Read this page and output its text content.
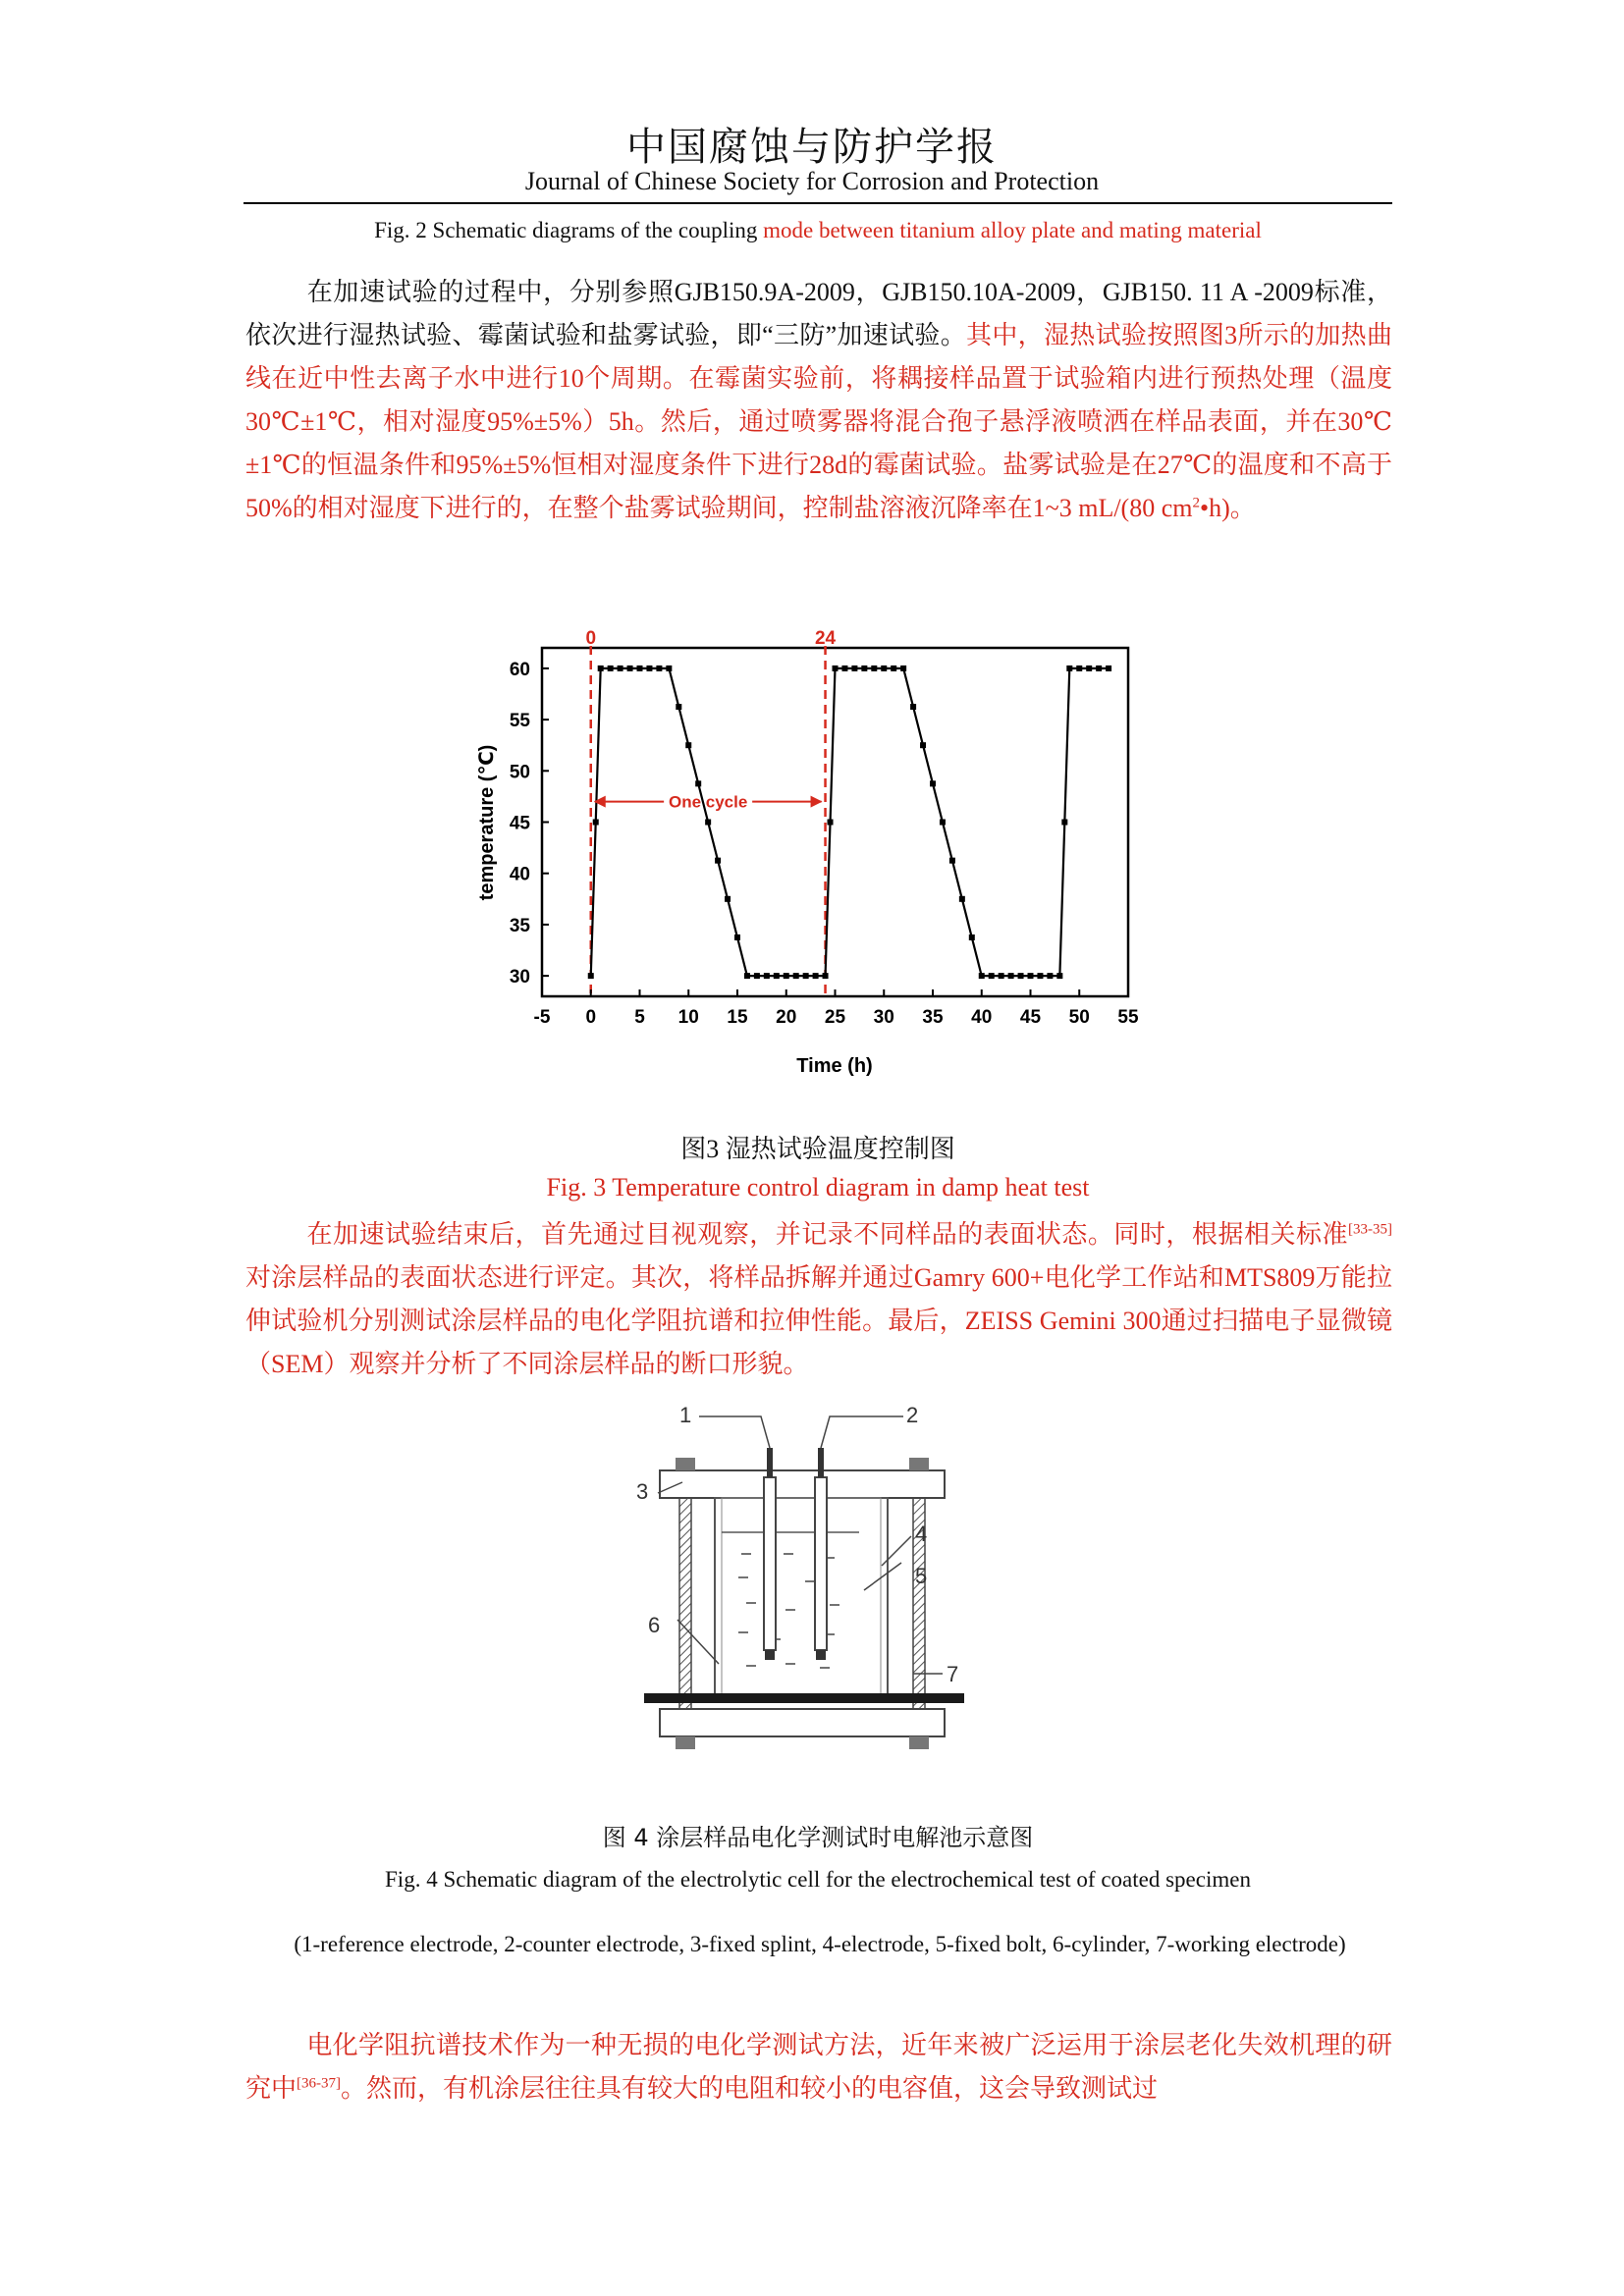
中国腐蚀与防护学报
Journal of Chinese Society for Corrosion and Protection
Fig. 2 Schematic diagrams of the coupling mode between titanium alloy plate and mating material
在加速试验的过程中，分别参照GJB150.9A-2009，GJB150.10A-2009，GJB150. 11 A -2009标准，依次进行湿热试验、霉菌试验和盐雾试验，即“三防”加速试验。其中，湿热试验按照图3所示的加热曲线在近中性去离子水中进行10个周期。在霉菌实验前，将耦接样品置于试验箱内进行预热处理（温度30℃±1℃，相对湿度95%±5%）5h。然后，通过喷雾器将混合孢子悬浮液喷洒在样品表面，并在30℃±1℃的恒温条件和95%±5%恒相对湿度条件下进行28d的霉菌试验。盐雾试验是在27℃的温度和不高于50%的相对湿度下进行的，在整个盐雾试验期间，控制盐溶液沉降率在1~3 mL/(80 $cm^2•h$)。
0	24
-5 0 5 10 15 20 25 30 35 40 45 50 55
30
35
40
45
50
55
60
One cycle
Time (h)
temperature (℃)
图3 湿热试验温度控制图
Fig. 3 Temperature control diagram in damp heat test
在加速试验结束后，首先通过目视观察，并记录不同样品的表面状态。同时，根据相关标准[33-35]对涂层样品的表面状态进行评定。其次，将样品拆解并通过Gamry 600+电化学工作站和MTS809万能拉伸试验机分别测试涂层样品的电化学阻抗谱和拉伸性能。最后，ZEISS Gemini 300通过扫描电子显微镜（SEM）观察并分析了不同涂层样品的断口形貌。
1	2
3
4
5
6
7
图 4 涂层样品电化学测试时电解池示意图
Fig. 4 Schematic diagram of the electrolytic cell for the electrochemical test of coated specimen
(1-reference electrode, 2-counter electrode, 3-fixed splint, 4-electrode, 5-fixed bolt, 6-cylinder, 7-working electrode)
电化学阻抗谱技术作为一种无损的电化学测试方法，近年来被广泛运用于涂层老化失效机理的研究中[36-37]。然而，有机涂层往往具有较大的电阻和较小的电容值，这会导致测试过
